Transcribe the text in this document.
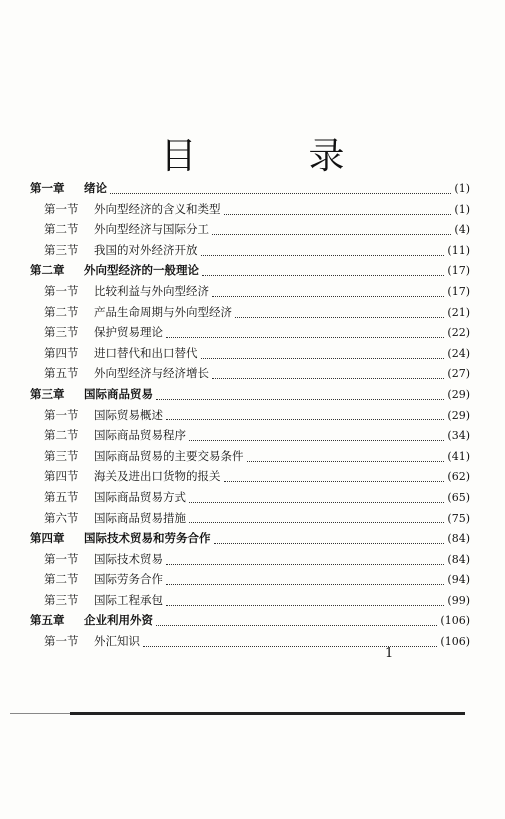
目　录
第一章	绪论	(1)
第一节	外向型经济的含义和类型	(1)
第二节	外向型经济与国际分工	(4)
第三节	我国的对外经济开放	(11)
第二章	外向型经济的一般理论	(17)
第一节	比较利益与外向型经济	(17)
第二节	产品生命周期与外向型经济	(21)
第三节	保护贸易理论	(22)
第四节	进口替代和出口替代	(24)
第五节	外向型经济与经济增长	(27)
第三章	国际商品贸易	(29)
第一节	国际贸易概述	(29)
第二节	国际商品贸易程序	(34)
第三节	国际商品贸易的主要交易条件	(41)
第四节	海关及进出口货物的报关	(62)
第五节	国际商品贸易方式	(65)
第六节	国际商品贸易措施	(75)
第四章	国际技术贸易和劳务合作	(84)
第一节	国际技术贸易	(84)
第二节	国际劳务合作	(94)
第三节	国际工程承包	(99)
第五章	企业利用外资	(106)
第一节	外汇知识	(106)
1
